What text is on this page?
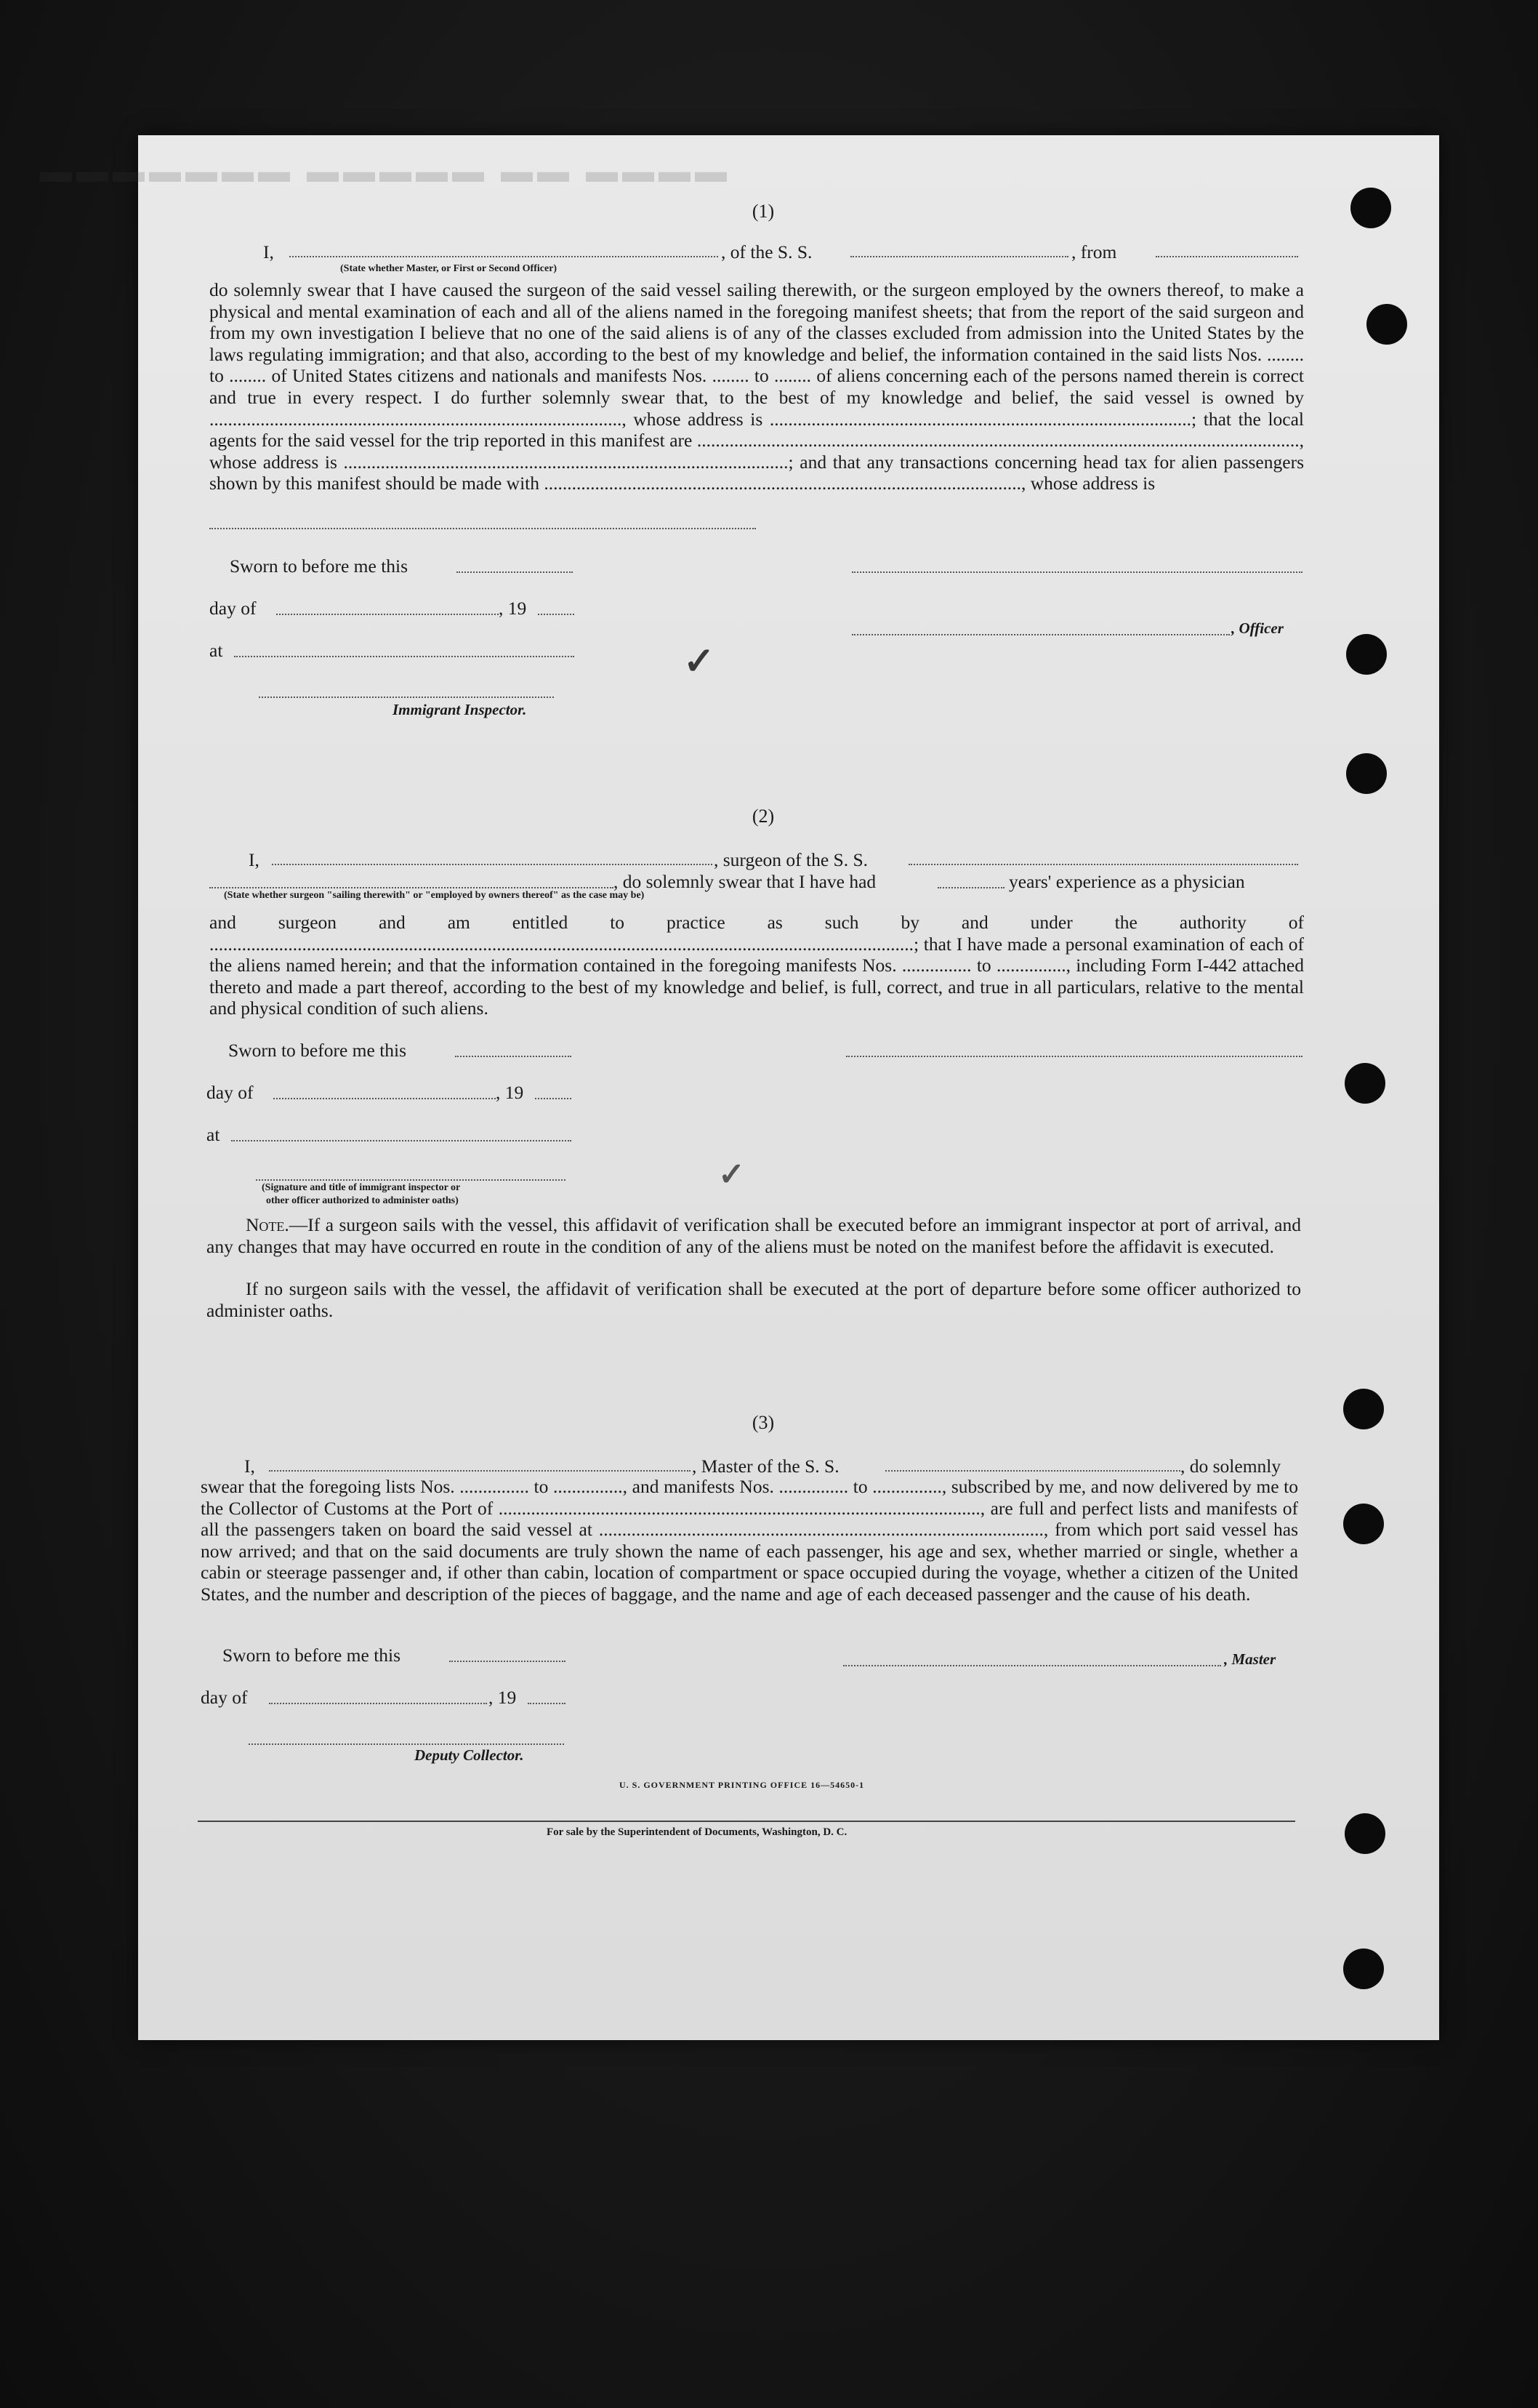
▬▬▬▬ ▬▬ ▬▬▬▬▬ ▬▬▬▬▬▬▬
✓
✓
(1)
I,	, of the S. S.	, from
(State whether Master, or First or Second Officer)

do solemnly swear that I have caused the surgeon of the said vessel sailing therewith, or the surgeon employed by the owners thereof, to make a physical and mental examination of each and all of the aliens named in the foregoing manifest sheets; that from the report of the said surgeon and from my own investigation I believe that no one of the said aliens is of any of the classes excluded from admission into the United States by the laws regulating immigration; and that also, according to the best of my knowledge and belief, the information contained in the said lists Nos. ........ to ........ of United States citizens and nationals and manifests Nos. ........ to ........ of aliens concerning each of the persons named therein is correct and true in every respect. I do further solemnly swear that, to the best of my knowledge and belief, the said vessel is owned by ........................................................................................., whose address is ...........................................................................................; that the local agents for the said vessel for the trip reported in this manifest are .................................................................................................................................., whose address is ................................................................................................; and that any transactions concerning head tax for alien passengers shown by this manifest should be made with ......................................................................................................., whose address is

Sworn to before me this
day of	, 19
, Officer
at
Immigrant Inspector.
(2)
I,	, surgeon of the S. S.
, do solemnly swear that I have had	years' experience as a physician
(State whether surgeon "sailing therewith" or "employed by owners thereof" as the case may be)

and surgeon and am entitled to practice as such by and under the authority of ........................................................................................................................................................; that I have made a personal examination of each of the aliens named herein; and that the information contained in the foregoing manifests Nos. ............... to ..............., including Form I-442 attached thereto and made a part thereof, according to the best of my knowledge and belief, is full, correct, and true in all particulars, relative to the mental and physical condition of such aliens.

Sworn to before me this
day of	, 19
at
(Signature and title of immigrant inspector or
other officer authorized to administer oaths)

Note.—If a surgeon sails with the vessel, this affidavit of verification shall be executed before an immigrant inspector at port of arrival, and any changes that may have occurred en route in the condition of any of the aliens must be noted on the manifest before the affidavit is executed.

If no surgeon sails with the vessel, the affidavit of verification shall be executed at the port of departure before some officer authorized to administer oaths.

(3)
I,	, Master of the S. S.	, do solemnly

swear that the foregoing lists Nos. ............... to ..............., and manifests Nos. ............... to ..............., subscribed by me, and now delivered by me to the Collector of Customs at the Port of ........................................................................................................, are full and perfect lists and manifests of all the passengers taken on board the said vessel at ................................................................................................, from which port said vessel has now arrived; and that on the said documents are truly shown the name of each passenger, his age and sex, whether married or single, whether a cabin or steerage passenger and, if other than cabin, location of compartment or space occupied during the voyage, whether a citizen of the United States, and the number and description of the pieces of baggage, and the name and age of each deceased passenger and the cause of his death.

Sworn to before me this	, Master
day of	, 19
Deputy Collector.
U. S. GOVERNMENT PRINTING OFFICE 16—54650-1
For sale by the Superintendent of Documents, Washington, D. C.
